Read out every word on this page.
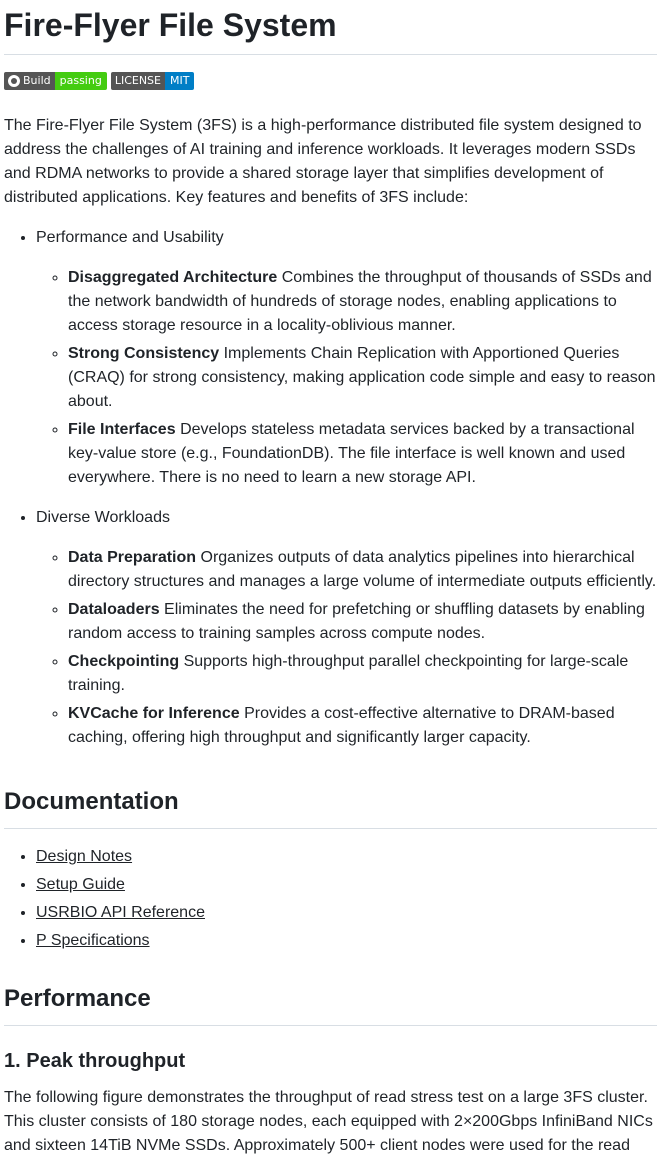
Fire-Flyer File System
Build passing	LICENSE MIT

The Fire-Flyer File System (3FS) is a high-performance distributed file system designed to address the challenges of AI training and inference workloads. It leverages modern SSDs and RDMA networks to provide a shared storage layer that simplifies development of distributed applications. Key features and benefits of 3FS include:

• Performance and Usability
◦ Disaggregated Architecture Combines the throughput of thousands of SSDs and the network bandwidth of hundreds of storage nodes, enabling applications to access storage resource in a locality-oblivious manner.
◦ Strong Consistency Implements Chain Replication with Apportioned Queries (CRAQ) for strong consistency, making application code simple and easy to reason about.
◦ File Interfaces Develops stateless metadata services backed by a transactional key-value store (e.g., FoundationDB). The file interface is well known and used everywhere. There is no need to learn a new storage API.
• Diverse Workloads
◦ Data Preparation Organizes outputs of data analytics pipelines into hierarchical directory structures and manages a large volume of intermediate outputs efficiently.
◦ Dataloaders Eliminates the need for prefetching or shuffling datasets by enabling random access to training samples across compute nodes.
◦ Checkpointing Supports high-throughput parallel checkpointing for large-scale training.
◦ KVCache for Inference Provides a cost-effective alternative to DRAM-based caching, offering high throughput and significantly larger capacity.
Documentation
• Design Notes
• Setup Guide
• USRBIO API Reference
• P Specifications
Performance
1. Peak throughput

The following figure demonstrates the throughput of read stress test on a large 3FS cluster. This cluster consists of 180 storage nodes, each equipped with 2×200Gbps InfiniBand NICs and sixteen 14TiB NVMe SSDs. Approximately 500+ client nodes were used for the read
